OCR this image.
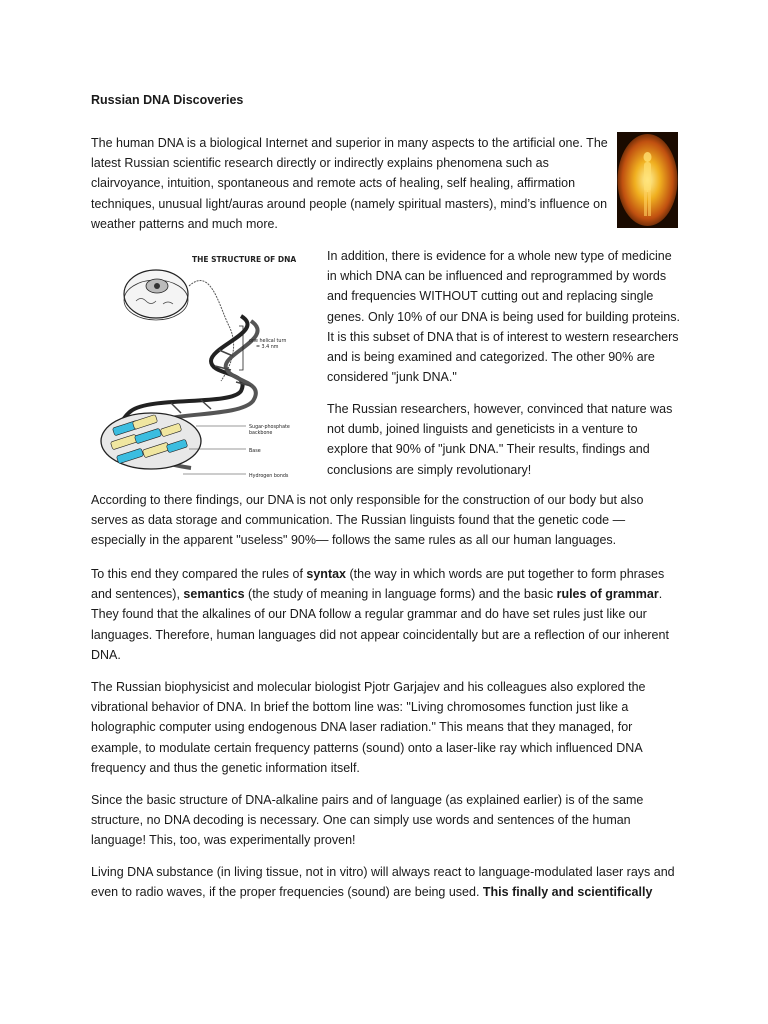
Russian DNA Discoveries

The human DNA is a biological Internet and superior in many aspects to the artificial one. The latest Russian scientific research directly or indirectly explains phenomena such as clairvoyance, intuition, spontaneous and remote acts of healing, self healing, affirmation techniques, unusual light/auras around people (namely spiritual masters), mind’s influence on weather patterns and much more.

THE STRUCTURE OF DNA
one helical turn
= 3.4 nm
Sugar-phosphate
backbone
Base
Hydrogen bonds

In addition, there is evidence for a whole new type of medicine in which DNA can be influenced and reprogrammed by words and frequencies WITHOUT cutting out and replacing single genes. Only 10% of our DNA is being used for building proteins. It is this subset of DNA that is of interest to western researchers and is being examined and categorized. The other 90% are considered "junk DNA."

The Russian researchers, however, convinced that nature was not dumb, joined linguists and geneticists in a venture to explore that 90% of "junk DNA." Their results, findings and conclusions are simply revolutionary!

According to there findings, our DNA is not only responsible for the construction of our body but also serves as data storage and communication. The Russian linguists found that the genetic code — especially in the apparent "useless" 90%— follows the same rules as all our human languages.

To this end they compared the rules of syntax (the way in which words are put together to form phrases and sentences), semantics (the study of meaning in language forms) and the basic rules of grammar. They found that the alkalines of our DNA follow a regular grammar and do have set rules just like our languages. Therefore, human languages did not appear coincidentally but are a reflection of our inherent DNA.

The Russian biophysicist and molecular biologist Pjotr Garjajev and his colleagues also explored the vibrational behavior of DNA. In brief the bottom line was: "Living chromosomes function just like a holographic computer using endogenous DNA laser radiation." This means that they managed, for example, to modulate certain frequency patterns (sound) onto a laser-like ray which influenced DNA frequency and thus the genetic information itself.

Since the basic structure of DNA-alkaline pairs and of language (as explained earlier) is of the same structure, no DNA decoding is necessary. One can simply use words and sentences of the human language! This, too, was experimentally proven!

Living DNA substance (in living tissue, not in vitro) will always react to language-modulated laser rays and even to radio waves, if the proper frequencies (sound) are being used. This finally and scientifically
